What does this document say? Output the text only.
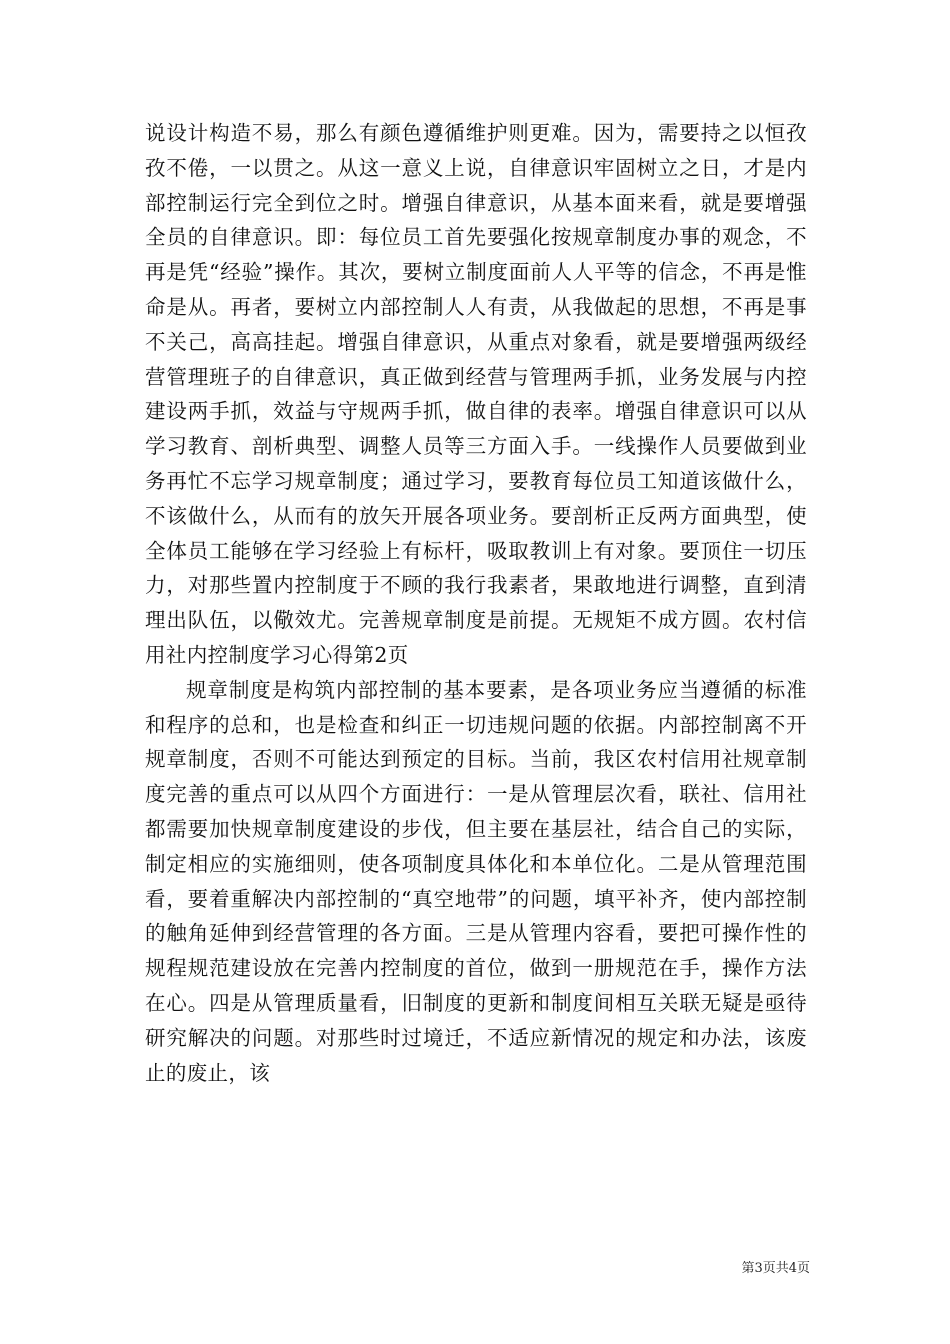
说设计构造不易，那么有颜色遵循维护则更难。因为，需要持之以恒孜孜不倦，一以贯之。从这一意义上说，自律意识牢固树立之日，才是内部控制运行完全到位之时。增强自律意识，从基本面来看，就是要增强全员的自律意识。即：每位员工首先要强化按规章制度办事的观念，不再是凭“经验”操作。其次，要树立制度面前人人平等的信念，不再是惟命是从。再者，要树立内部控制人人有责，从我做起的思想，不再是事不关己，高高挂起。增强自律意识，从重点对象看，就是要增强两级经营管理班子的自律意识，真正做到经营与管理两手抓，业务发展与内控建设两手抓，效益与守规两手抓，做自律的表率。增强自律意识可以从学习教育、剖析典型、调整人员等三方面入手。一线操作人员要做到业务再忙不忘学习规章制度；通过学习，要教育每位员工知道该做什么，不该做什么，从而有的放矢开展各项业务。要剖析正反两方面典型，使全体员工能够在学习经验上有标杆，吸取教训上有对象。要顶住一切压力，对那些置内控制度于不顾的我行我素者，果敢地进行调整，直到清理出队伍，以儆效尤。完善规章制度是前提。无规矩不成方圆。农村信用社内控制度学习心得第2页

规章制度是构筑内部控制的基本要素，是各项业务应当遵循的标准和程序的总和，也是检查和纠正一切违规问题的依据。内部控制离不开规章制度，否则不可能达到预定的目标。当前，我区农村信用社规章制度完善的重点可以从四个方面进行：一是从管理层次看，联社、信用社都需要加快规章制度建设的步伐，但主要在基层社，结合自己的实际，制定相应的实施细则，使各项制度具体化和本单位化。二是从管理范围看，要着重解决内部控制的“真空地带”的问题，填平补齐，使内部控制的触角延伸到经营管理的各方面。三是从管理内容看，要把可操作性的规程规范建设放在完善内控制度的首位，做到一册规范在手，操作方法在心。四是从管理质量看，旧制度的更新和制度间相互关联无疑是亟待研究解决的问题。对那些时过境迁，不适应新情况的规定和办法，该废止的废止，该

第3页共4页
